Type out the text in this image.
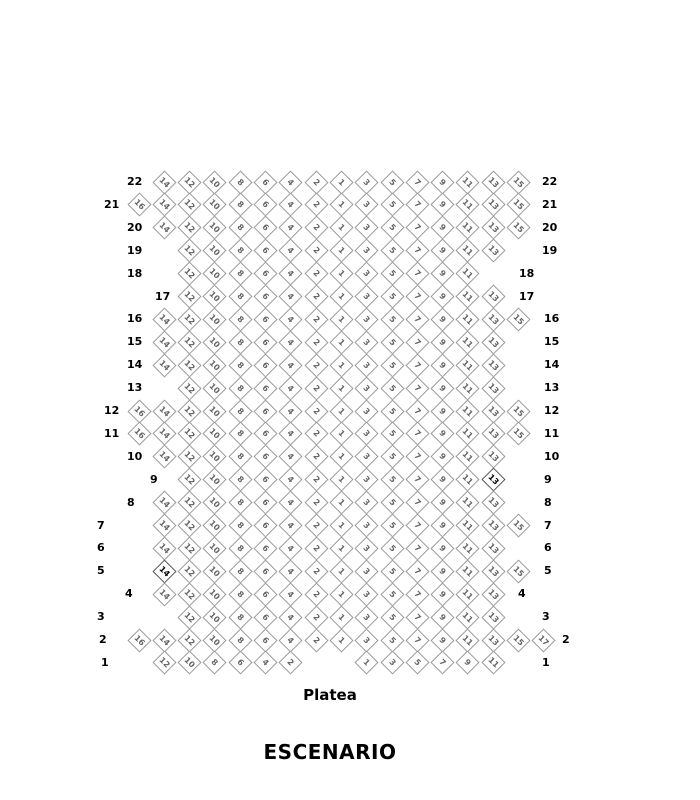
22	14	12	10	8	6	4	2	1	3	5	7	9	11	13	15	22
21	16	14	12	10	8	6	4	2	1	3	5	7	9	11	13	15	21
20	14	12	10	8	6	4	2	1	3	5	7	9	11	13	15	20
19	12	10	8	6	4	2	1	3	5	7	9	11	13	19
18	12	10	8	6	4	2	1	3	5	7	9	11	18
17	12	10	8	6	4	2	1	3	5	7	9	11	13	17
16	14	12	10	8	6	4	2	1	3	5	7	9	11	13	15	16
15	14	12	10	8	6	4	2	1	3	5	7	9	11	13	15
14	14	12	10	8	6	4	2	1	3	5	7	9	11	13	14
13	12	10	8	6	4	2	1	3	5	7	9	11	13	13
12	16	14	12	10	8	6	4	2	1	3	5	7	9	11	13	15	12
11	16	14	12	10	8	6	4	2	1	3	5	7	9	11	13	15	11
10	14	12	10	8	6	4	2	1	3	5	7	9	11	13	10
9	12	10	8	6	4	2	1	3	5	7	9	11	13	9
8	14	12	10	8	6	4	2	1	3	5	7	9	11	13	8
7	14	12	10	8	6	4	2	1	3	5	7	9	11	13	15	7
6	14	12	10	8	6	4	2	1	3	5	7	9	11	13	6
5	14	12	10	8	6	4	2	1	3	5	7	9	11	13	15	5
4	14	12	10	8	6	4	2	1	3	5	7	9	11	13	4
3	12	10	8	6	4	2	1	3	5	7	9	11	13	3
2	16	14	12	10	8	6	4	2	1	3	5	7	9	11	13	15	17	2
1	12	10	8	6	4	2	1	3	5	7	9	11	1
Platea
ESCENARIO
